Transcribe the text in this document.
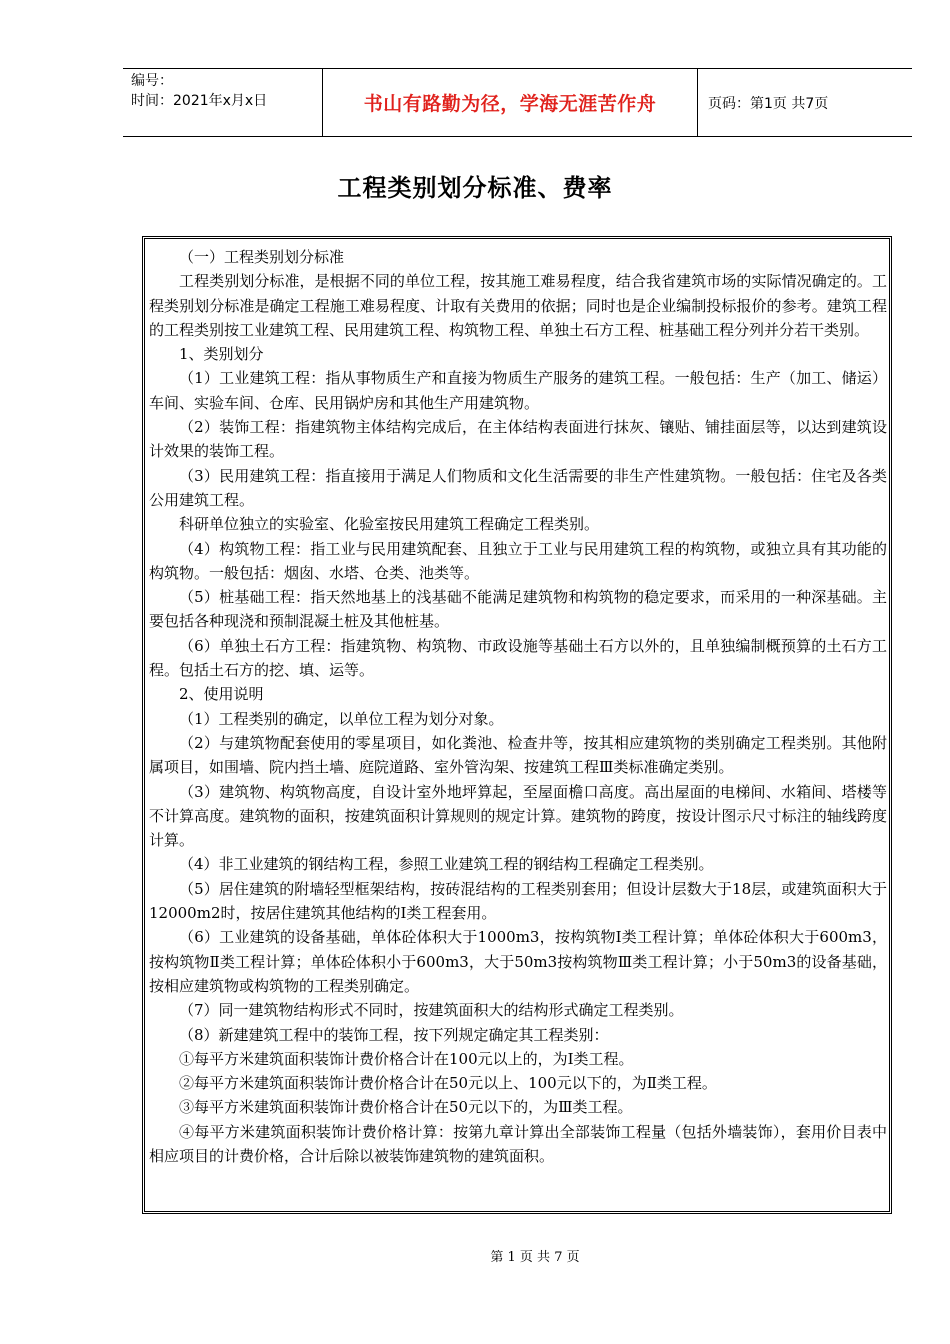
编号：
时间：2021年x月x日	书山有路勤为径，学海无涯苦作舟	页码：第1页 共7页
工程类别划分标准、费率

（一）工程类别划分标准

工程类别划分标准，是根据不同的单位工程，按其施工难易程度，结合我省建筑市场的实际情况确定的。工程类别划分标准是确定工程施工难易程度、计取有关费用的依据；同时也是企业编制投标报价的参考。建筑工程的工程类别按工业建筑工程、民用建筑工程、构筑物工程、单独土石方工程、桩基础工程分列并分若干类别。

1、类别划分

（1）工业建筑工程：指从事物质生产和直接为物质生产服务的建筑工程。一般包括：生产（加工、储运）车间、实验车间、仓库、民用锅炉房和其他生产用建筑物。

（2）装饰工程：指建筑物主体结构完成后，在主体结构表面进行抹灰、镶贴、铺挂面层等，以达到建筑设计效果的装饰工程。

（3）民用建筑工程：指直接用于满足人们物质和文化生活需要的非生产性建筑物。一般包括：住宅及各类公用建筑工程。

科研单位独立的实验室、化验室按民用建筑工程确定工程类别。

（4）构筑物工程：指工业与民用建筑配套、且独立于工业与民用建筑工程的构筑物，或独立具有其功能的构筑物。一般包括：烟囱、水塔、仓类、池类等。

（5）桩基础工程：指天然地基上的浅基础不能满足建筑物和构筑物的稳定要求，而采用的一种深基础。主要包括各种现浇和预制混凝土桩及其他桩基。

（6）单独土石方工程：指建筑物、构筑物、市政设施等基础土石方以外的，且单独编制概预算的土石方工程。包括土石方的挖、填、运等。

2、使用说明

（1）工程类别的确定，以单位工程为划分对象。

（2）与建筑物配套使用的零星项目，如化粪池、检查井等，按其相应建筑物的类别确定工程类别。其他附属项目，如围墙、院内挡土墙、庭院道路、室外管沟架、按建筑工程Ⅲ类标准确定类别。

（3）建筑物、构筑物高度，自设计室外地坪算起，至屋面檐口高度。高出屋面的电梯间、水箱间、塔楼等不计算高度。建筑物的面积，按建筑面积计算规则的规定计算。建筑物的跨度，按设计图示尺寸标注的轴线跨度计算。

（4）非工业建筑的钢结构工程，参照工业建筑工程的钢结构工程确定工程类别。

（5）居住建筑的附墙轻型框架结构，按砖混结构的工程类别套用；但设计层数大于18层，或建筑面积大于12000m2时，按居住建筑其他结构的Ⅰ类工程套用。

（6）工业建筑的设备基础，单体砼体积大于1000m3，按构筑物Ⅰ类工程计算；单体砼体积大于600m3，按构筑物Ⅱ类工程计算；单体砼体积小于600m3，大于50m3按构筑物Ⅲ类工程计算；小于50m3的设备基础，按相应建筑物或构筑物的工程类别确定。

（7）同一建筑物结构形式不同时，按建筑面积大的结构形式确定工程类别。

（8）新建建筑工程中的装饰工程，按下列规定确定其工程类别：

①每平方米建筑面积装饰计费价格合计在100元以上的，为Ⅰ类工程。

②每平方米建筑面积装饰计费价格合计在50元以上、100元以下的，为Ⅱ类工程。

③每平方米建筑面积装饰计费价格合计在50元以下的，为Ⅲ类工程。

④每平方米建筑面积装饰计费价格计算：按第九章计算出全部装饰工程量（包括外墙装饰），套用价目表中相应项目的计费价格，合计后除以被装饰建筑物的建筑面积。

第 1 页 共 7 页
